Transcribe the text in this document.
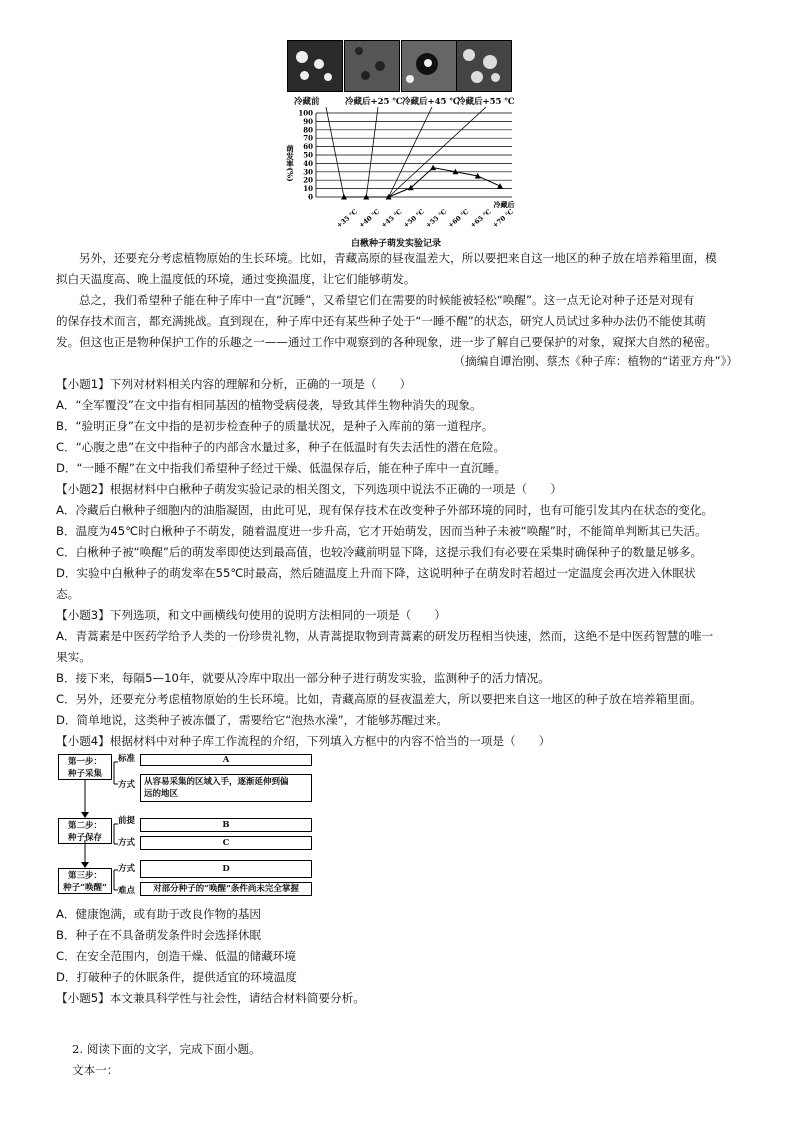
冷藏前	冷藏后+25 ℃ 冷藏后+45 ℃
冷藏后+55 ℃
100
90
80
70
60
50
40
30
20
10
0
萌发率(%)
+35 ℃
+40 ℃
+45 ℃
+50 ℃
+55 ℃
+60 ℃
+65 ℃
+70 ℃
冷藏后
白楸种子萌发实验记录
另外，还要充分考虑植物原始的生长环境。比如，青藏高原的昼夜温差大，所以要把来自这一地区的种子放在培养箱里面，模
拟白天温度高、晚上温度低的环境，通过变换温度，让它们能够萌发。
总之，我们希望种子能在种子库中一直“沉睡”，又希望它们在需要的时候能被轻松“唤醒”。这一点无论对种子还是对现有
的保存技术而言，都充满挑战。直到现在，种子库中还有某些种子处于“一睡不醒”的状态，研究人员试过多种办法仍不能使其萌
发。但这也正是物种保护工作的乐趣之一——通过工作中观察到的各种现象，进一步了解自己要保护的对象，窥探大自然的秘密。
（摘编自谭治刚、蔡杰《种子库：植物的“诺亚方舟”》）
【小题1】下列对材料相关内容的理解和分析，正确的一项是（　　）
A．“全军覆没”在文中指有相同基因的植物受病侵袭，导致其伴生物种消失的现象。
B．“验明正身”在文中指的是初步检查种子的质量状况，是种子入库前的第一道程序。
C．“心腹之患”在文中指种子的内部含水量过多，种子在低温时有失去活性的潜在危险。
D．“一睡不醒”在文中指我们希望种子经过干燥、低温保存后，能在种子库中一直沉睡。
【小题2】根据材料中白楸种子萌发实验记录的相关图文，下列选项中说法不正确的一项是（　　）
A．冷藏后白楸种子细胞内的油脂凝固，由此可见，现有保存技术在改变种子外部环境的同时，也有可能引发其内在状态的变化。
B．温度为45℃时白楸种子不萌发，随着温度进一步升高，它才开始萌发，因而当种子未被“唤醒”时，不能简单判断其已失活。
C．白楸种子被“唤醒”后的萌发率即使达到最高值，也较冷藏前明显下降，这提示我们有必要在采集时确保种子的数量足够多。
D．实验中白楸种子的萌发率在55℃时最高，然后随温度上升而下降，这说明种子在萌发时若超过一定温度会再次进入休眠状
态。
【小题3】下列选项，和文中画横线句使用的说明方法相同的一项是（　　）
A．青蒿素是中医药学给予人类的一份珍贵礼物，从青蒿提取物到青蒿素的研发历程相当快速，然而，这绝不是中医药智慧的唯一
果实。
B．接下来，每隔5—10年，就要从冷库中取出一部分种子进行萌发实验，监测种子的活力情况。
C．另外，还要充分考虑植物原始的生长环境。比如，青藏高原的昼夜温差大，所以要把来自这一地区的种子放在培养箱里面。
D．简单地说，这类种子被冻僵了，需要给它“泡热水澡”，才能够苏醒过来。
【小题4】根据材料中对种子库工作流程的介绍，下列填入方框中的内容不恰当的一项是（　　）
第一步：
种子采集
第二步：
种子保存
第三步：
种子“唤醒”
标准
方式
前提
方式
方式
难点
A
从容易采集的区域入手，逐渐延伸到偏
远的地区
B
C
D
对部分种子的“唤醒”条件尚未完全掌握
A．健康饱满，或有助于改良作物的基因
B．种子在不具备萌发条件时会选择休眠
C．在安全范围内，创造干燥、低温的储藏环境
D．打破种子的休眠条件，提供适宜的环境温度
【小题5】本文兼具科学性与社会性，请结合材料简要分析。
2. 阅读下面的文字，完成下面小题。
文本一：
